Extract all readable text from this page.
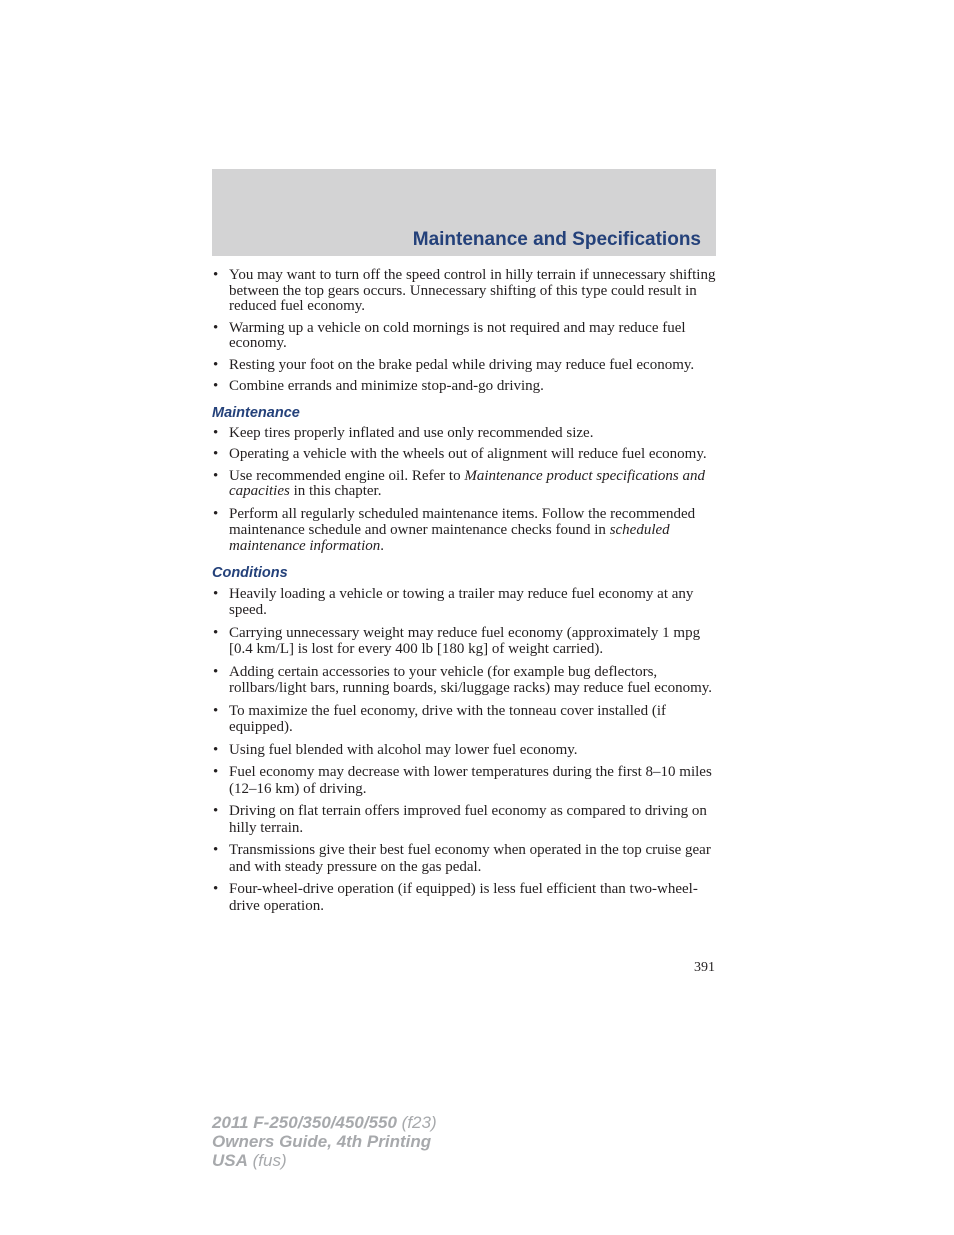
Maintenance and Specifications
• You may want to turn off the speed control in hilly terrain if unnecessary shifting between the top gears occurs. Unnecessary shifting of this type could result in reduced fuel economy.
• Warming up a vehicle on cold mornings is not required and may reduce fuel economy.
• Resting your foot on the brake pedal while driving may reduce fuel economy.
• Combine errands and minimize stop-and-go driving.
Maintenance
• Keep tires properly inflated and use only recommended size.
• Operating a vehicle with the wheels out of alignment will reduce fuel economy.
• Use recommended engine oil. Refer to Maintenance product specifications and capacities in this chapter.
• Perform all regularly scheduled maintenance items. Follow the recommended maintenance schedule and owner maintenance checks found in scheduled maintenance information.
Conditions
• Heavily loading a vehicle or towing a trailer may reduce fuel economy at any speed.
• Carrying unnecessary weight may reduce fuel economy (approximately 1 mpg [0.4 km/L] is lost for every 400 lb [180 kg] of weight carried).
• Adding certain accessories to your vehicle (for example bug deflectors, rollbars/light bars, running boards, ski/luggage racks) may reduce fuel economy.
• To maximize the fuel economy, drive with the tonneau cover installed (if equipped).
• Using fuel blended with alcohol may lower fuel economy.
• Fuel economy may decrease with lower temperatures during the first 8–10 miles (12–16 km) of driving.
• Driving on flat terrain offers improved fuel economy as compared to driving on hilly terrain.
• Transmissions give their best fuel economy when operated in the top cruise gear and with steady pressure on the gas pedal.
• Four-wheel-drive operation (if equipped) is less fuel efficient than two-wheel-drive operation.
391
2011 F-250/350/450/550 (f23)
Owners Guide, 4th Printing
USA (fus)
